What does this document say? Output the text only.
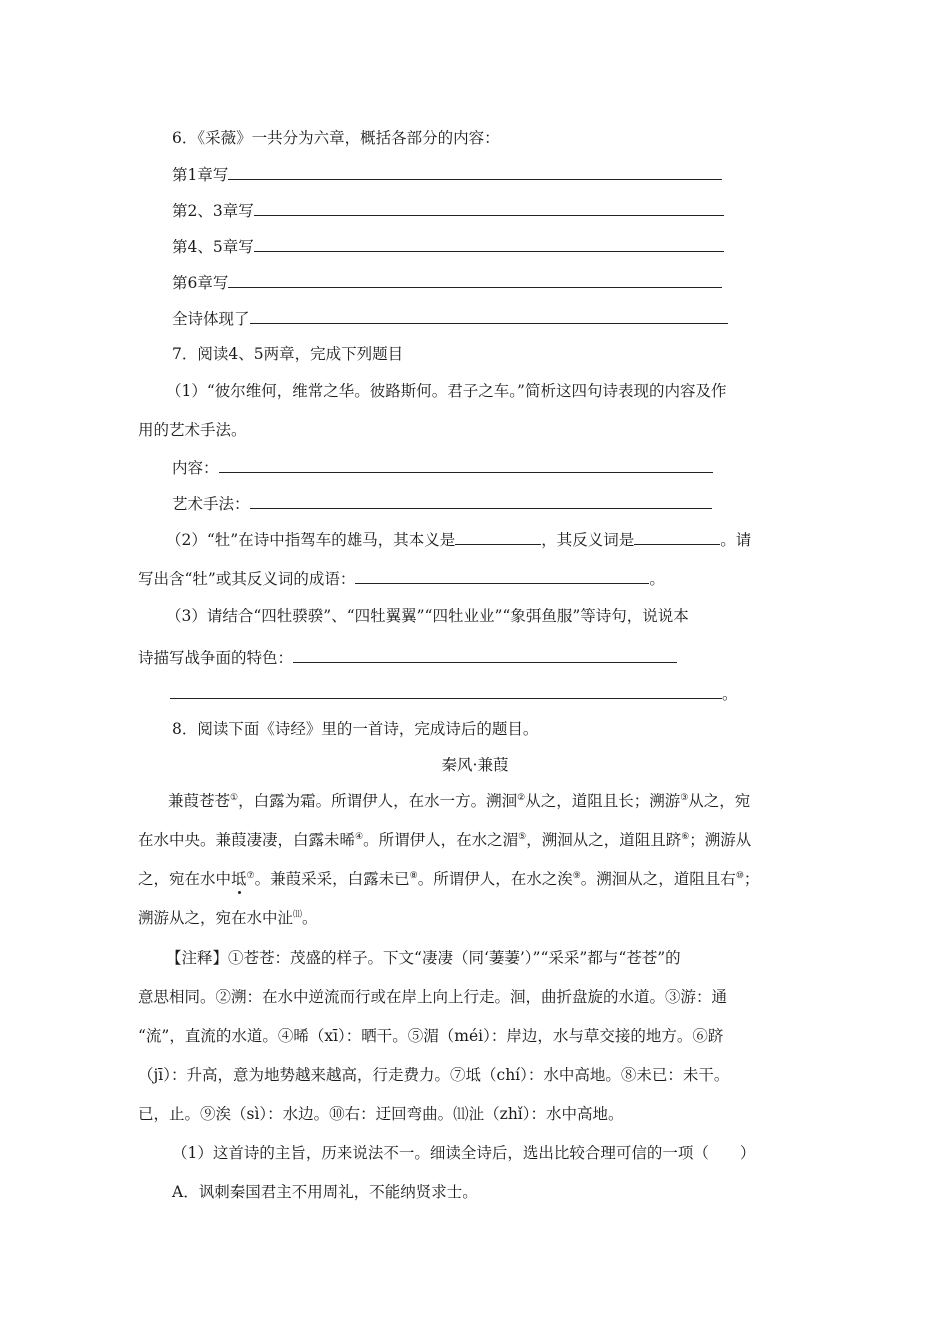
6．《采薇》一共分为六章，概括各部分的内容：
第1章写
第2、3章写
第4、5章写
第6章写
全诗体现了
7．阅读4、5两章，完成下列题目
（1）“彼尔维何，维常之华。彼路斯何。君子之车。”简析这四句诗表现的内容及作
用的艺术手法。
内容：
艺术手法：
（2）“牡”在诗中指驾车的雄马，其本义是	，其反义词是	。请
写出含“牡”或其反义词的成语：	。
（3）请结合“四牡骙骙”、“四牡翼翼”“四牡业业”“象弭鱼服”等诗句，说说本
诗描写战争面的特色：
。
8．阅读下面《诗经》里的一首诗，完成诗后的题目。
秦风·兼葭
兼葭苍苍①，白露为霜。所谓伊人，在水一方。溯洄②从之，道阻且长；溯游③从之，宛
在水中央。兼葭凄凄，白露未晞④。所谓伊人，在水之湄⑤，溯洄从之，道阻且跻⑥；溯游从
之，宛在水中坻⑦。兼葭采采，白露未已⑧。所谓伊人，在水之涘⑨。溯洄从之，道阻且右⑩；
溯游从之，宛在水中沚⑾。
【注释】①苍苍：茂盛的样子。下文“凄凄（同‘萋萋’）”“采采”都与“苍苍”的
意思相同。②溯：在水中逆流而行或在岸上向上行走。洄，曲折盘旋的水道。③游：通
“流”，直流的水道。④晞（xī）：晒干。⑤湄（méi）：岸边，水与草交接的地方。⑥跻
（jī）：升高，意为地势越来越高，行走费力。⑦坻（chí）：水中高地。⑧未已：未干。
已，止。⑨涘（sì）：水边。⑩右：迂回弯曲。⑾沚（zhǐ）：水中高地。
（1）这首诗的主旨，历来说法不一。细读全诗后，选出比较合理可信的一项（　　）
A．讽刺秦国君主不用周礼，不能纳贤求士。
